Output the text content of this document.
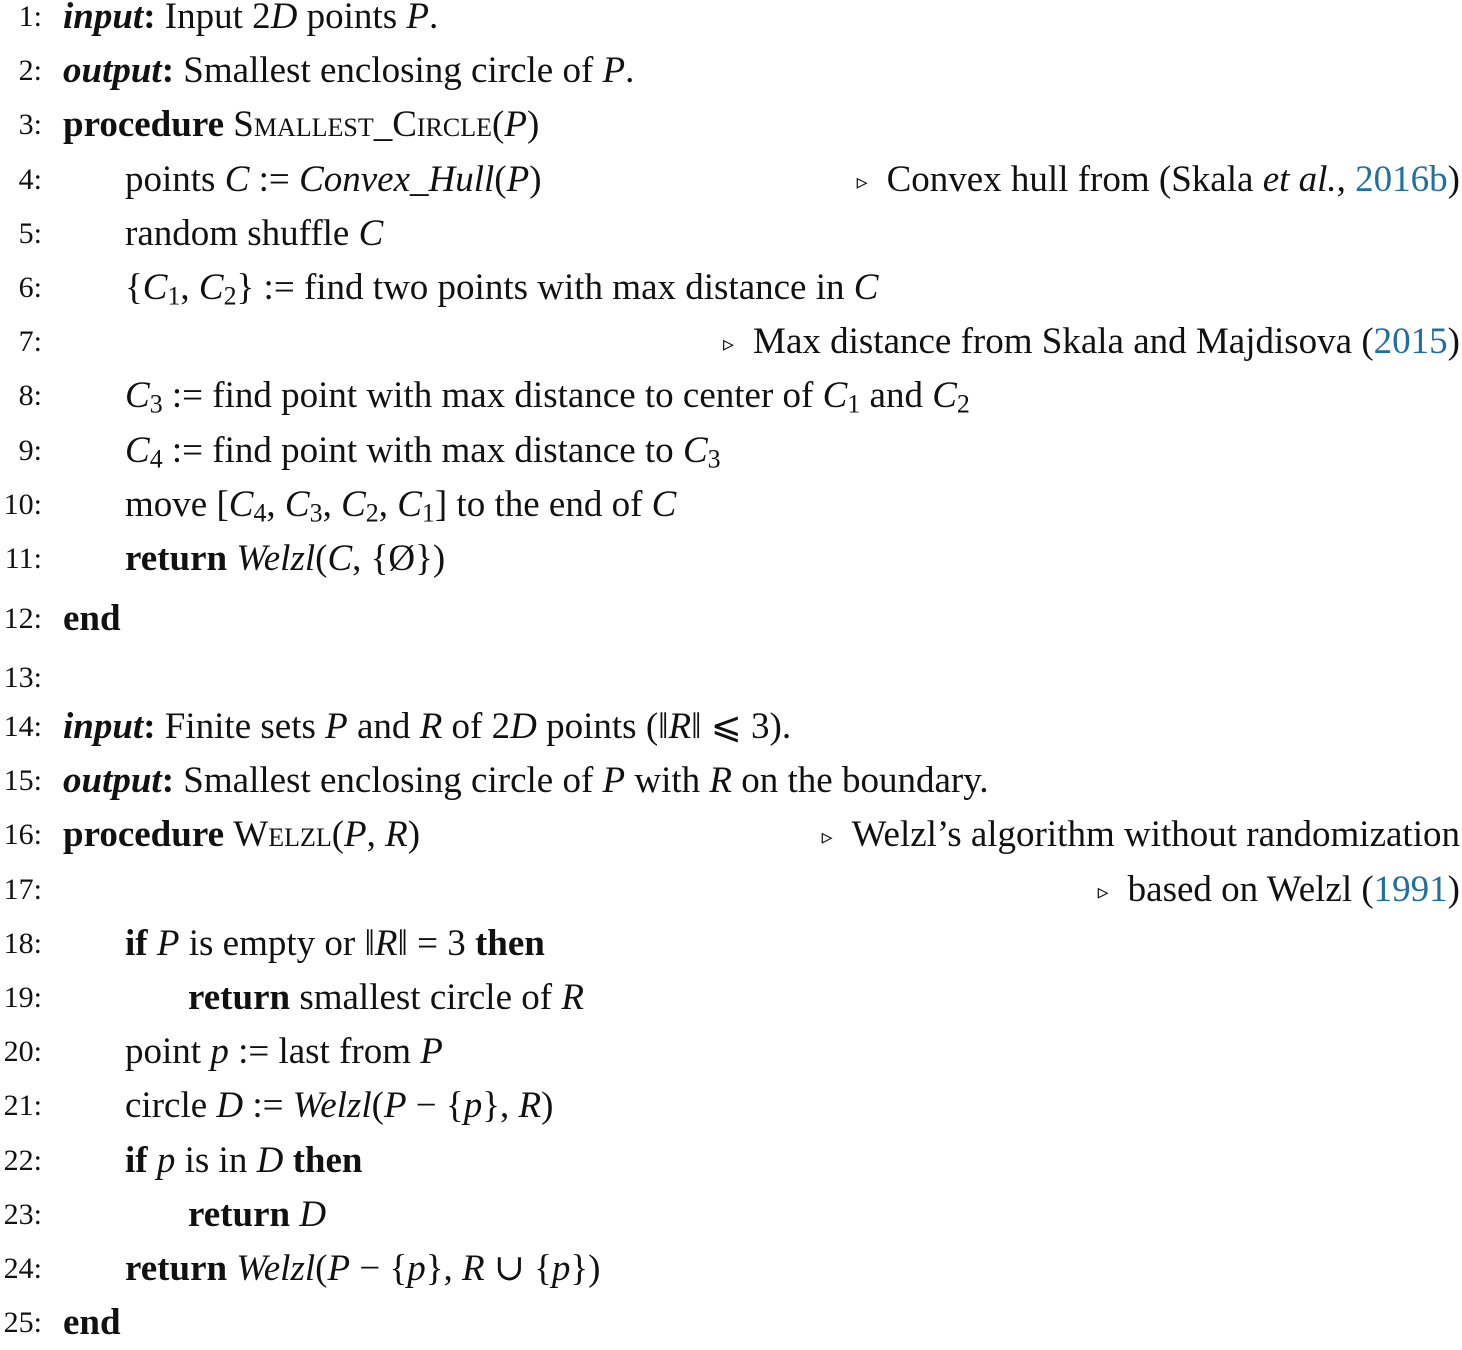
1: input: Input 2D points P.
2: output: Smallest enclosing circle of P.
3: procedure Smallest_Circle(P)
4: points C := Convex_Hull(P)	▹ Convex hull from (Skala et al., 2016b)
5: random shuffle C
6: {$C_1$, $C_2$} := find two points with max distance in C
7:	▹ Max distance from Skala and Majdisova (2015)
8: $C_3$ := find point with max distance to center of $C_1$ and $C_2$
9: $C_4$ := find point with max distance to $C_3$
10: move [$C_4$, $C_3$, $C_2$, $C_1$] to the end of C
11: return Welzl(C, {Ø})
12: end
13:
14: input: Finite sets P and R of 2D points (‖R‖ ⩽ 3).
15: output: Smallest enclosing circle of P with R on the boundary.
16: procedure Welzl(P, R)	▹ Welzl’s algorithm without randomization
17:	▹ based on Welzl (1991)
18: if P is empty or ‖R‖ = 3 then
19:	return smallest circle of R
20: point p := last from P
21: circle D := Welzl(P − {p}, R)
22: if p is in D then
23:	return D
24: return Welzl(P − {p}, R ∪ {p})
25: end
